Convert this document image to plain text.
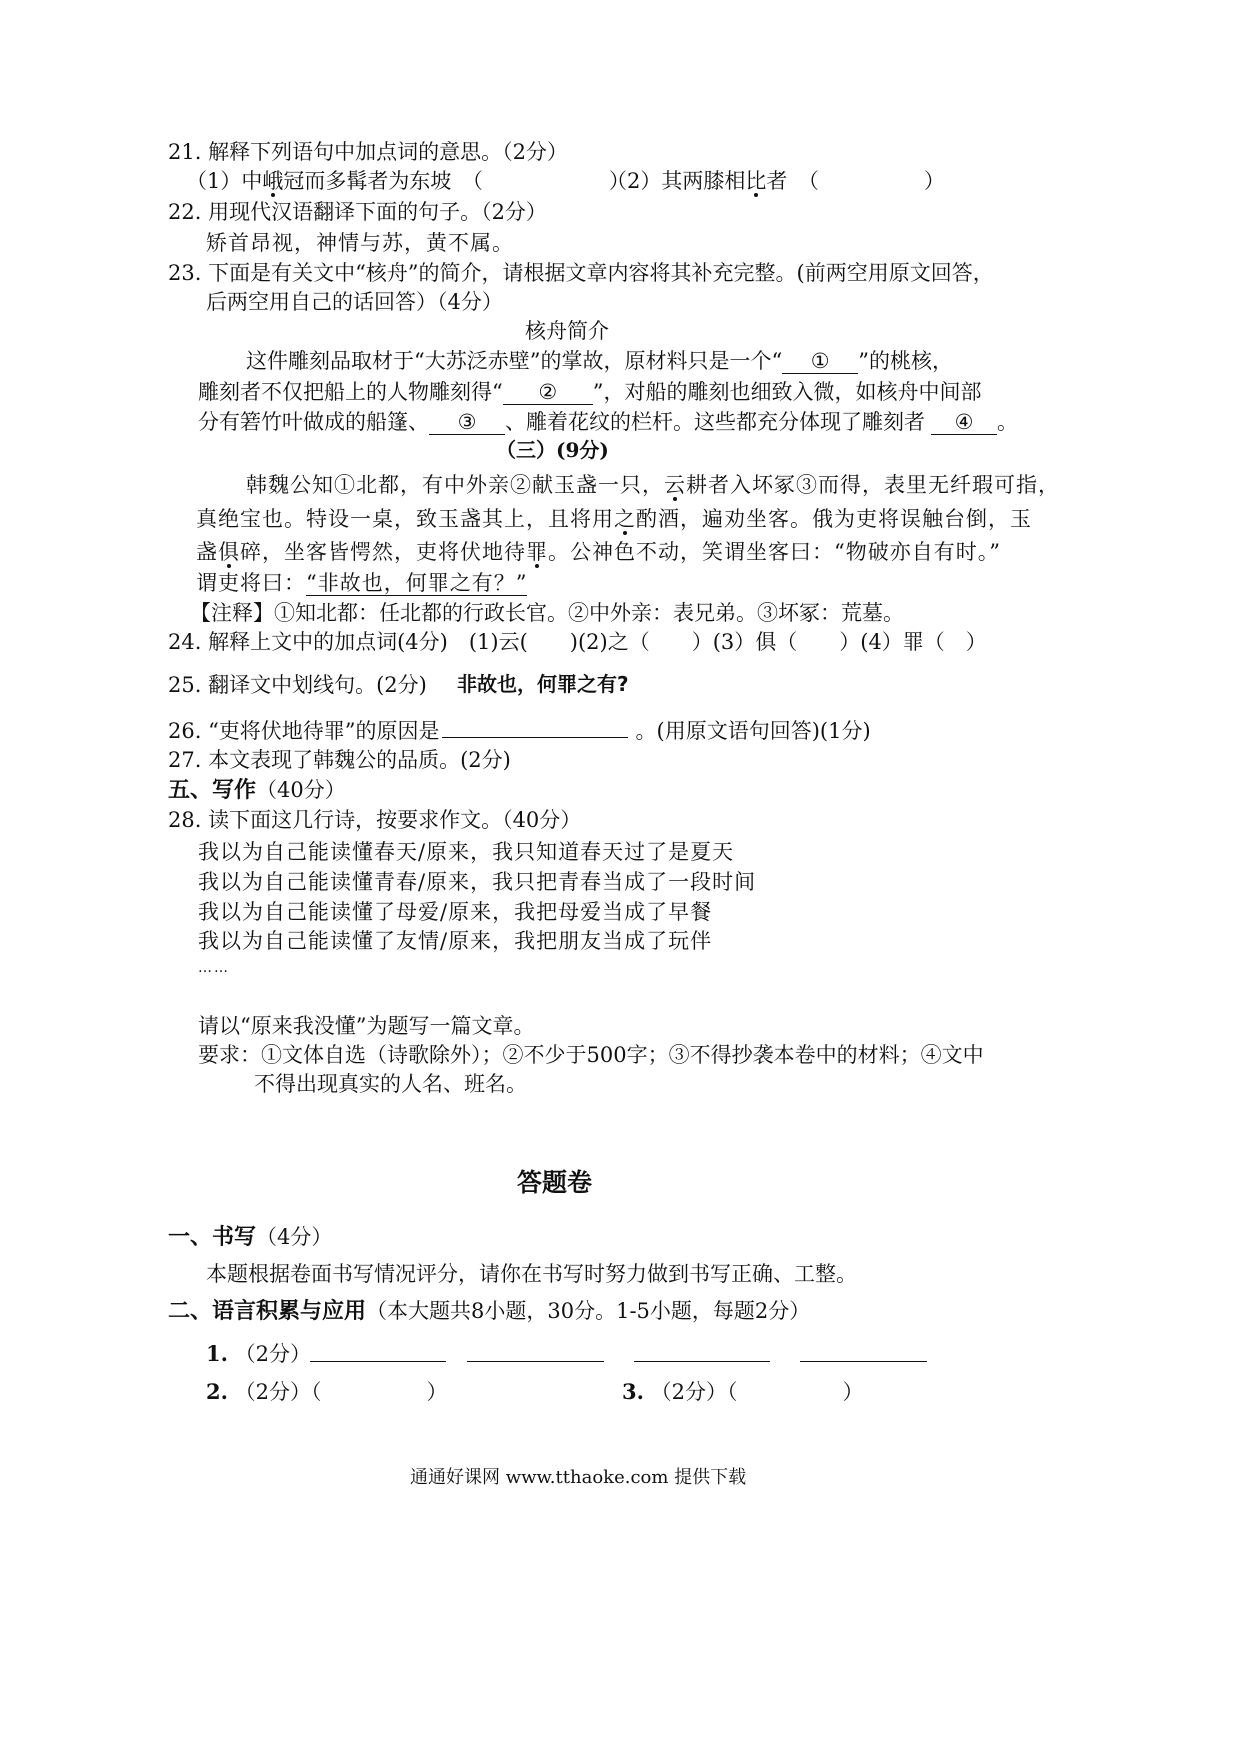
21. 解释下列语句中加点词的意思。（2分）
（1）中峨冠而多髯者为东坡　（　　　　　　）
（2）其两膝相比者　（　　　　　）
22. 用现代汉语翻译下面的句子。（2分）
矫首昂视，神情与苏，黄不属。
23. 下面是有关文中“核舟”的简介，请根据文章内容将其补充完整。(前两空用原文回答，
后两空用自己的话回答）（4分）
核舟简介
这件雕刻品取材于“大苏泛赤壁”的掌故，原材料只是一个“ ① ”的桃核，
雕刻者不仅把船上的人物雕刻得“ ② ”，对船的雕刻也细致入微，如核舟中间部
分有箬竹叶做成的船篷、 ③ 、雕着花纹的栏杆。这些都充分体现了雕刻者 ④ 。
（三）(9分)
韩魏公知①北都，有中外亲②献玉盏一只，云耕者入坏冢③而得，表里无纤瑕可指，
真绝宝也。特设一桌，致玉盏其上，且将用之酌酒，遍劝坐客。俄为吏将误触台倒，玉
盏俱碎，坐客皆愕然，吏将伏地待罪。公神色不动，笑谓坐客曰：“物破亦自有时。”
谓吏将曰：“非故也，何罪之有？”
【注释】①知北都：任北都的行政长官。②中外亲：表兄弟。③坏冢：荒墓。
24. 解释上文中的加点词(4分)　(1)云(　　)(2)之（　　）(3）俱（　　）(4）罪（　）
25. 翻译文中划线句。(2分) 非故也，何罪之有?
26. “吏将伏地待罪”的原因是	。(用原文语句回答)(1分)
27. 本文表现了韩魏公的品质。(2分)
五、写作（40分）
28. 读下面这几行诗，按要求作文。（40分）
我以为自己能读懂春天/原来，我只知道春天过了是夏天
我以为自己能读懂青春/原来，我只把青春当成了一段时间
我以为自己能读懂了母爱/原来，我把母爱当成了早餐
我以为自己能读懂了友情/原来，我把朋友当成了玩伴
……
请以“原来我没懂”为题写一篇文章。
要求：①文体自选（诗歌除外）；②不少于500字；③不得抄袭本卷中的材料；④文中
不得出现真实的人名、班名。
答题卷
一、书写（4分）
本题根据卷面书写情况评分，请你在书写时努力做到书写正确、工整。
二、语言积累与应用（本大题共8小题，30分。1-5小题，每题2分）
1. （2分）
2. （2分）（　　　　　）	3. （2分）（　　　　　）
通通好课网 www.tthaoke.com 提供下载
